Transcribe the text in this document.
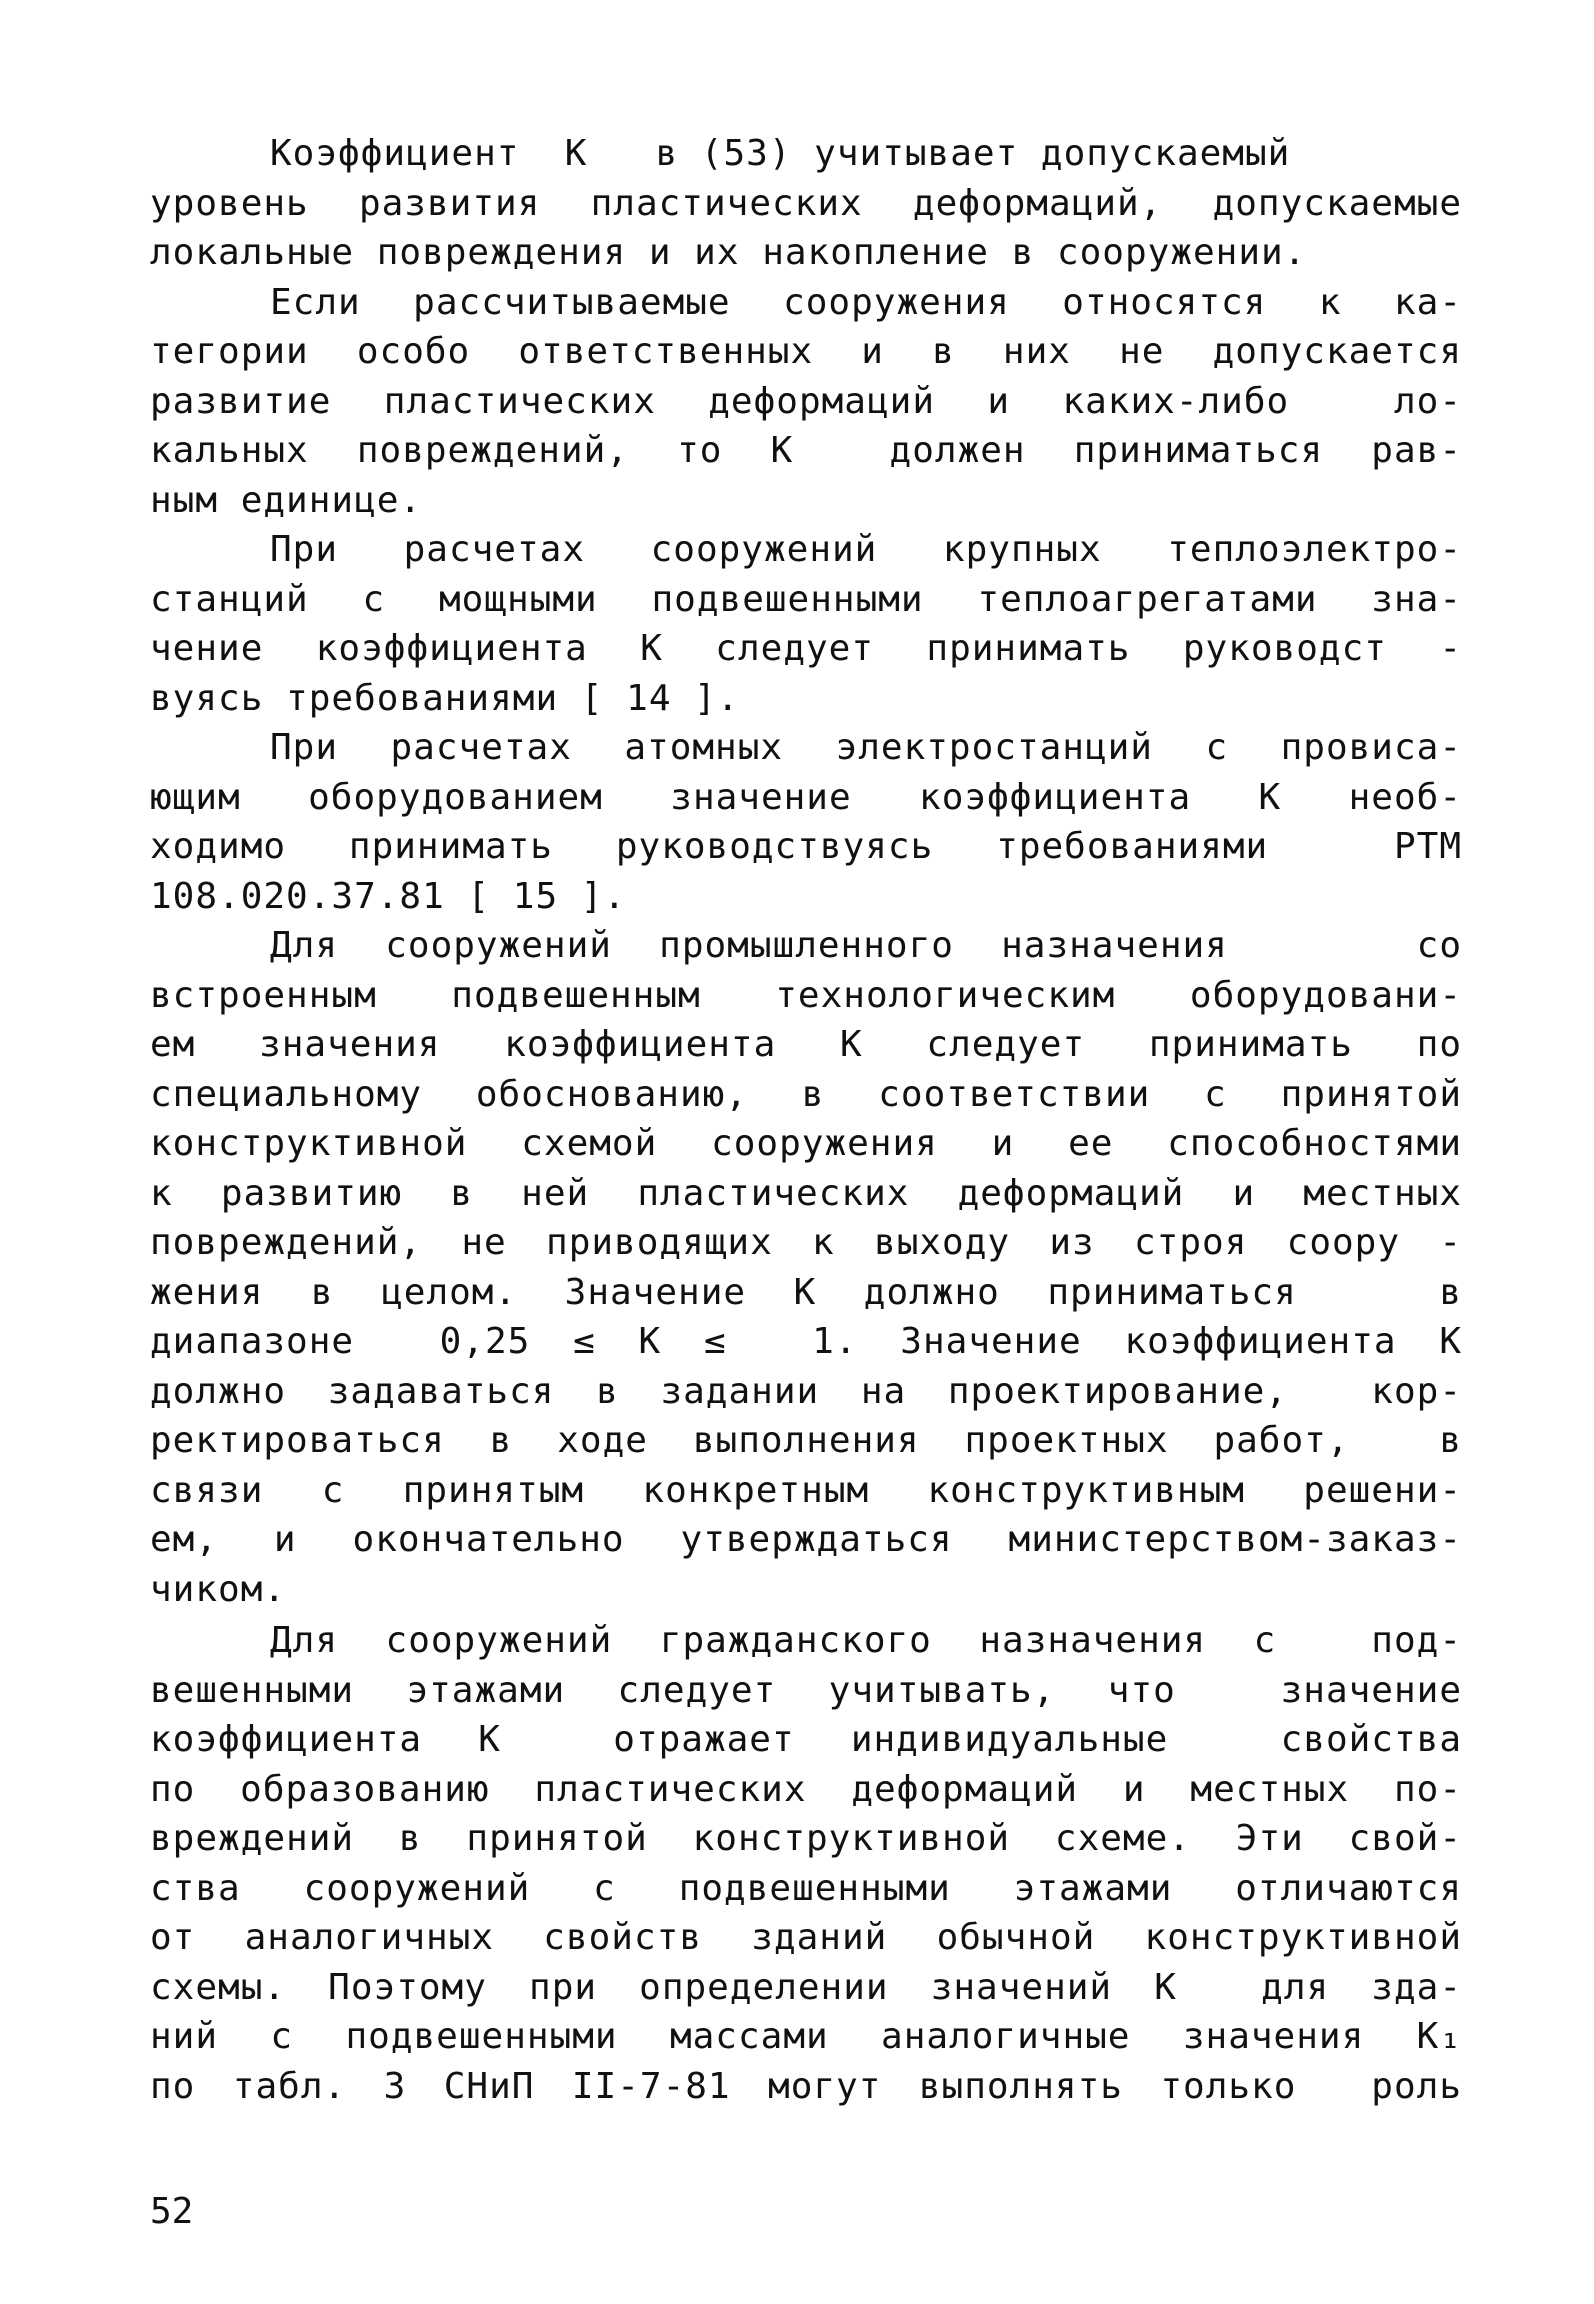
Коэффициент  K   в (53) учитывает допускаемый
уровень развития пластических деформаций, допускаемые
локальные повреждения и их накопление в сооружении.
Если рассчитываемые сооружения относятся к ка-
тегории особо ответственных и в них не допускается
развитие пластических деформаций и каких-либо  ло-
кальных повреждений, то K  должен приниматься рав-
ным единице.
При расчетах сооружений крупных теплоэлектро-
станций с мощными подвешенными теплоагрегатами зна-
чение коэффициента K следует принимать руководст -
вуясь требованиями [ 14 ].
При расчетах атомных электростанций с провиса-
ющим оборудованием значение коэффициента K необ-
ходимо принимать руководствуясь требованиями  РТМ
108.020.37.81 [ 15 ].
Для сооружений промышленного назначения    со
встроенным подвешенным технологическим оборудовани-
ем значения коэффициента K следует принимать по
специальному обоснованию, в соответствии с принятой
конструктивной схемой сооружения и ее способностями
к развитию в ней пластических деформаций и местных
повреждений, не приводящих к выходу из строя соору -
жения в целом. Значение K должно приниматься   в
диапазоне  0,25 ≤ K ≤  1. Значение коэффициента K
должно задаваться в задании на проектирование,  кор-
ректироваться в ходе выполнения проектных работ,  в
связи с принятым конкретным конструктивным решени-
ем, и окончательно утверждаться министерством-заказ-
чиком.
Для сооружений гражданского назначения с  под-
вешенными этажами следует учитывать, что  значение
коэффициента K  отражает индивидуальные  свойства
по образованию пластических деформаций и местных по-
вреждений в принятой конструктивной схеме. Эти свой-
ства сооружений с подвешенными этажами отличаются
от аналогичных свойств зданий обычной конструктивной
схемы. Поэтому при определении значений K  для зда-
ний с подвешенными массами аналогичные значения K₁
по табл. 3 СНиП II-7-81 могут выполнять только  роль
52
